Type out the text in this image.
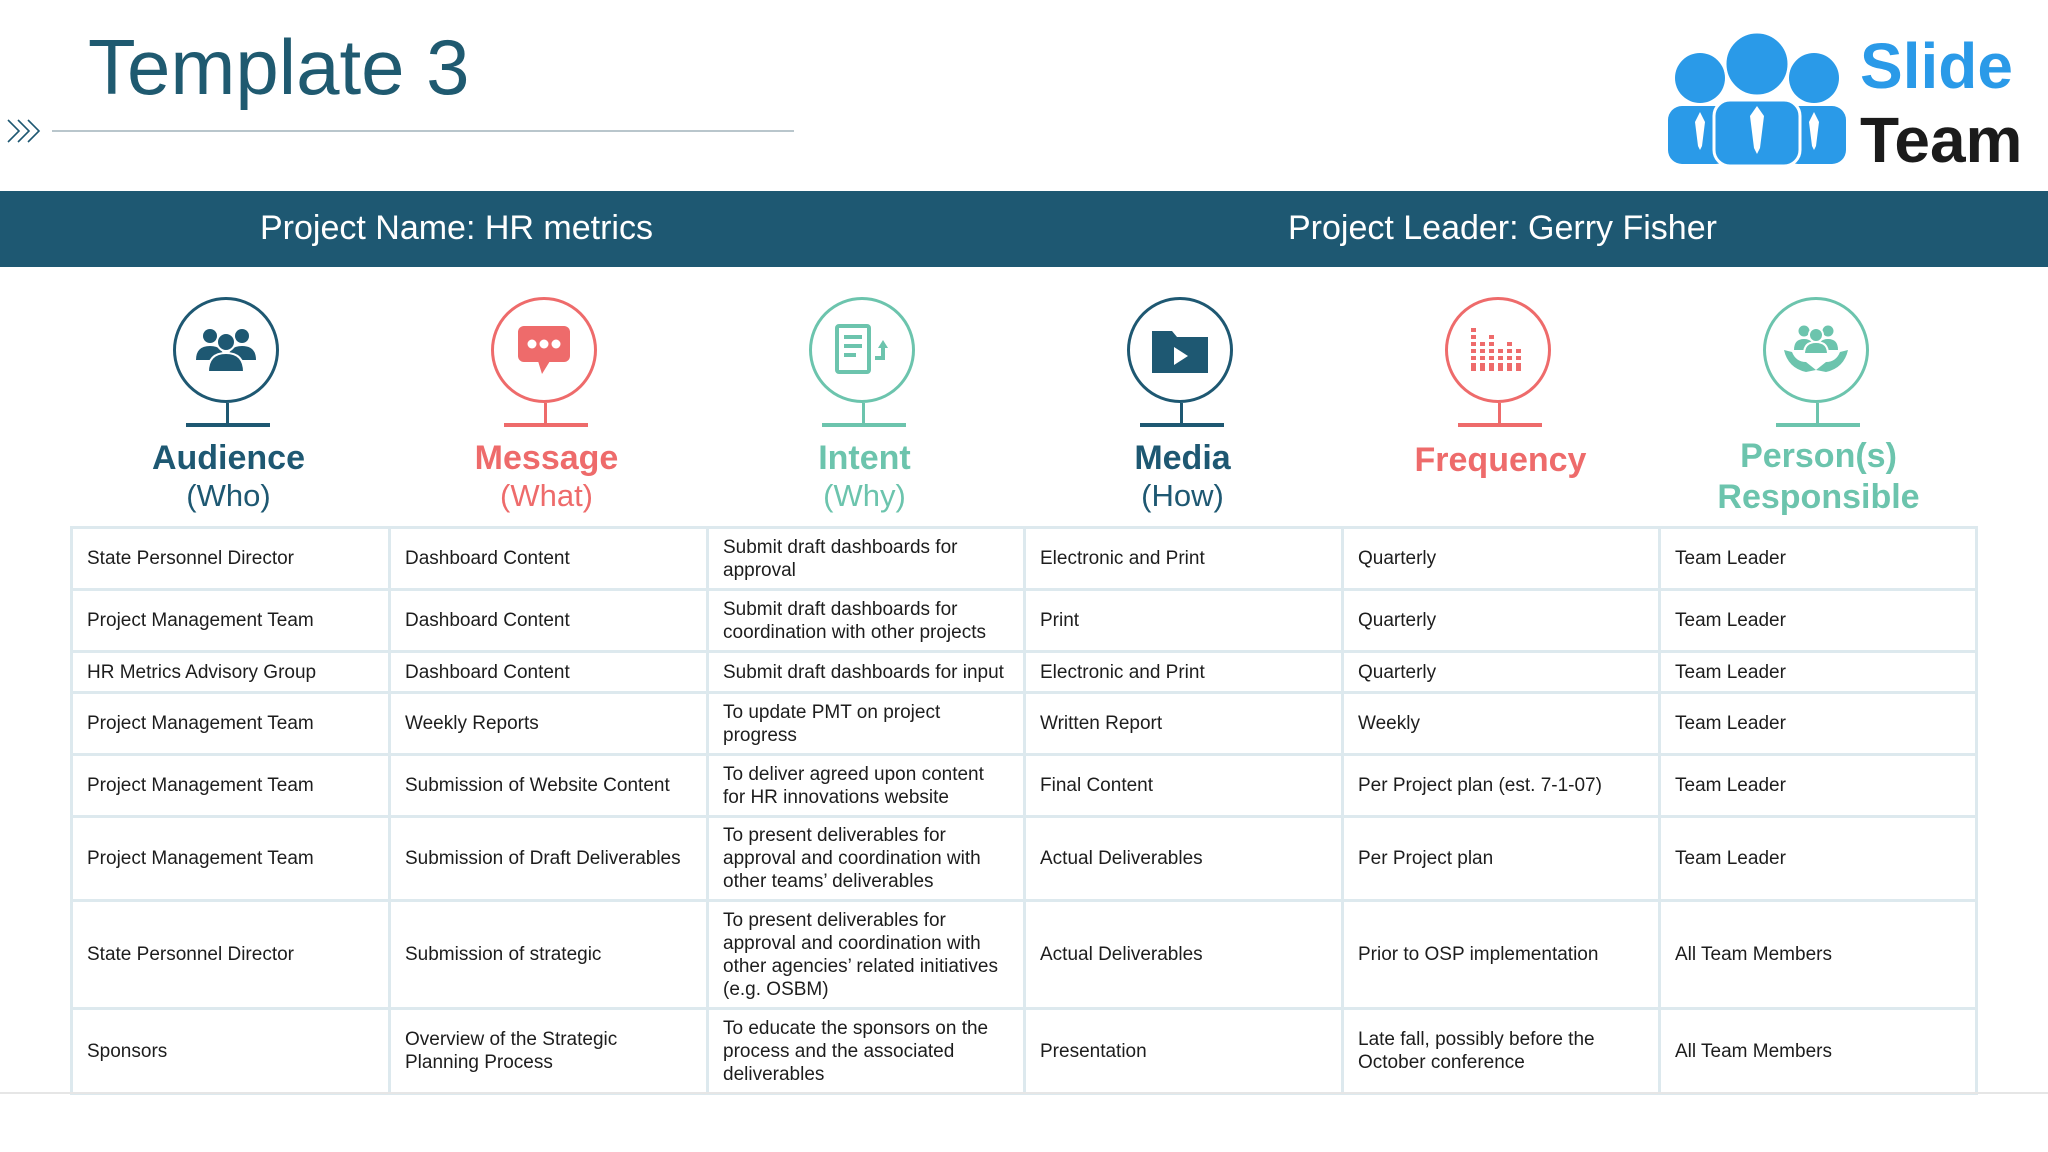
Template 3	Slide
Team
Project Name: HR metrics	Project Leader: Gerry Fisher
Audience
(Who)
Message
(What)
Intent
(Why)
Media
(How)
Frequency	Person(s) Responsible
State Personnel Director	Dashboard Content	Submit draft dashboards for approval	Electronic and Print	Quarterly	Team Leader
Project Management Team	Dashboard Content	Submit draft dashboards for coordination with other projects	Print	Quarterly	Team Leader
HR Metrics Advisory Group	Dashboard Content	Submit draft dashboards for input	Electronic and Print	Quarterly	Team Leader
Project Management Team	Weekly Reports	To update PMT on project progress	Written Report	Weekly	Team Leader
Project Management Team	Submission of Website Content	To deliver agreed upon content for HR innovations website	Final Content	Per Project plan (est. 7-1-07)	Team Leader
Project Management Team	Submission of Draft Deliverables	To present deliverables for approval and coordination with other teams’ deliverables	Actual Deliverables	Per Project plan	Team Leader
State Personnel Director	Submission of strategic	To present deliverables for approval and coordination with other agencies’ related initiatives (e.g. OSBM)	Actual Deliverables	Prior to OSP implementation	All Team Members
Sponsors	Overview of the Strategic Planning Process	To educate the sponsors on the process and the associated deliverables	Presentation	Late fall, possibly before the October conference	All Team Members
